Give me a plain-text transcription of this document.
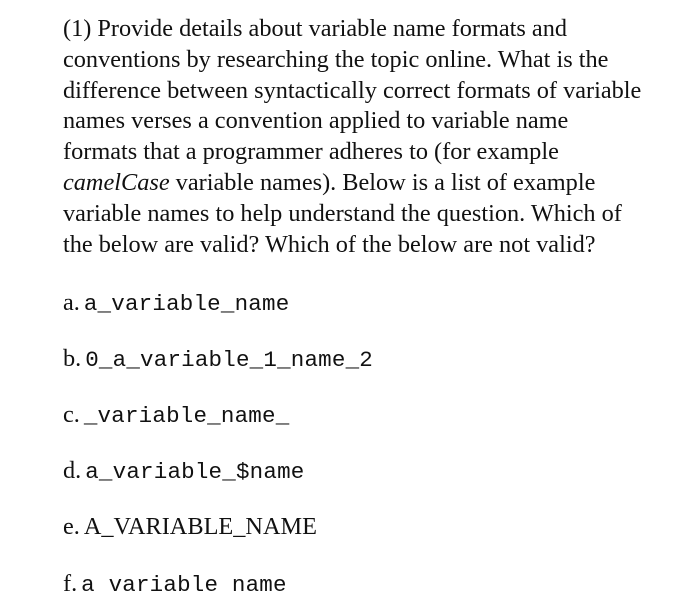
(1) Provide details about variable name formats and
conventions by researching the topic online. What is the
difference between syntactically correct formats of variable
names verses a convention applied to variable name
formats that a programmer adheres to (for example
camelCase variable names). Below is a list of example
variable names to help understand the question. Which of
the below are valid? Which of the below are not valid?

a. a_variable_name
b. 0_a_variable_1_name_2
c. _variable_name_
d. a_variable_$name
e. A_VARIABLE_NAME
f. a variable name
